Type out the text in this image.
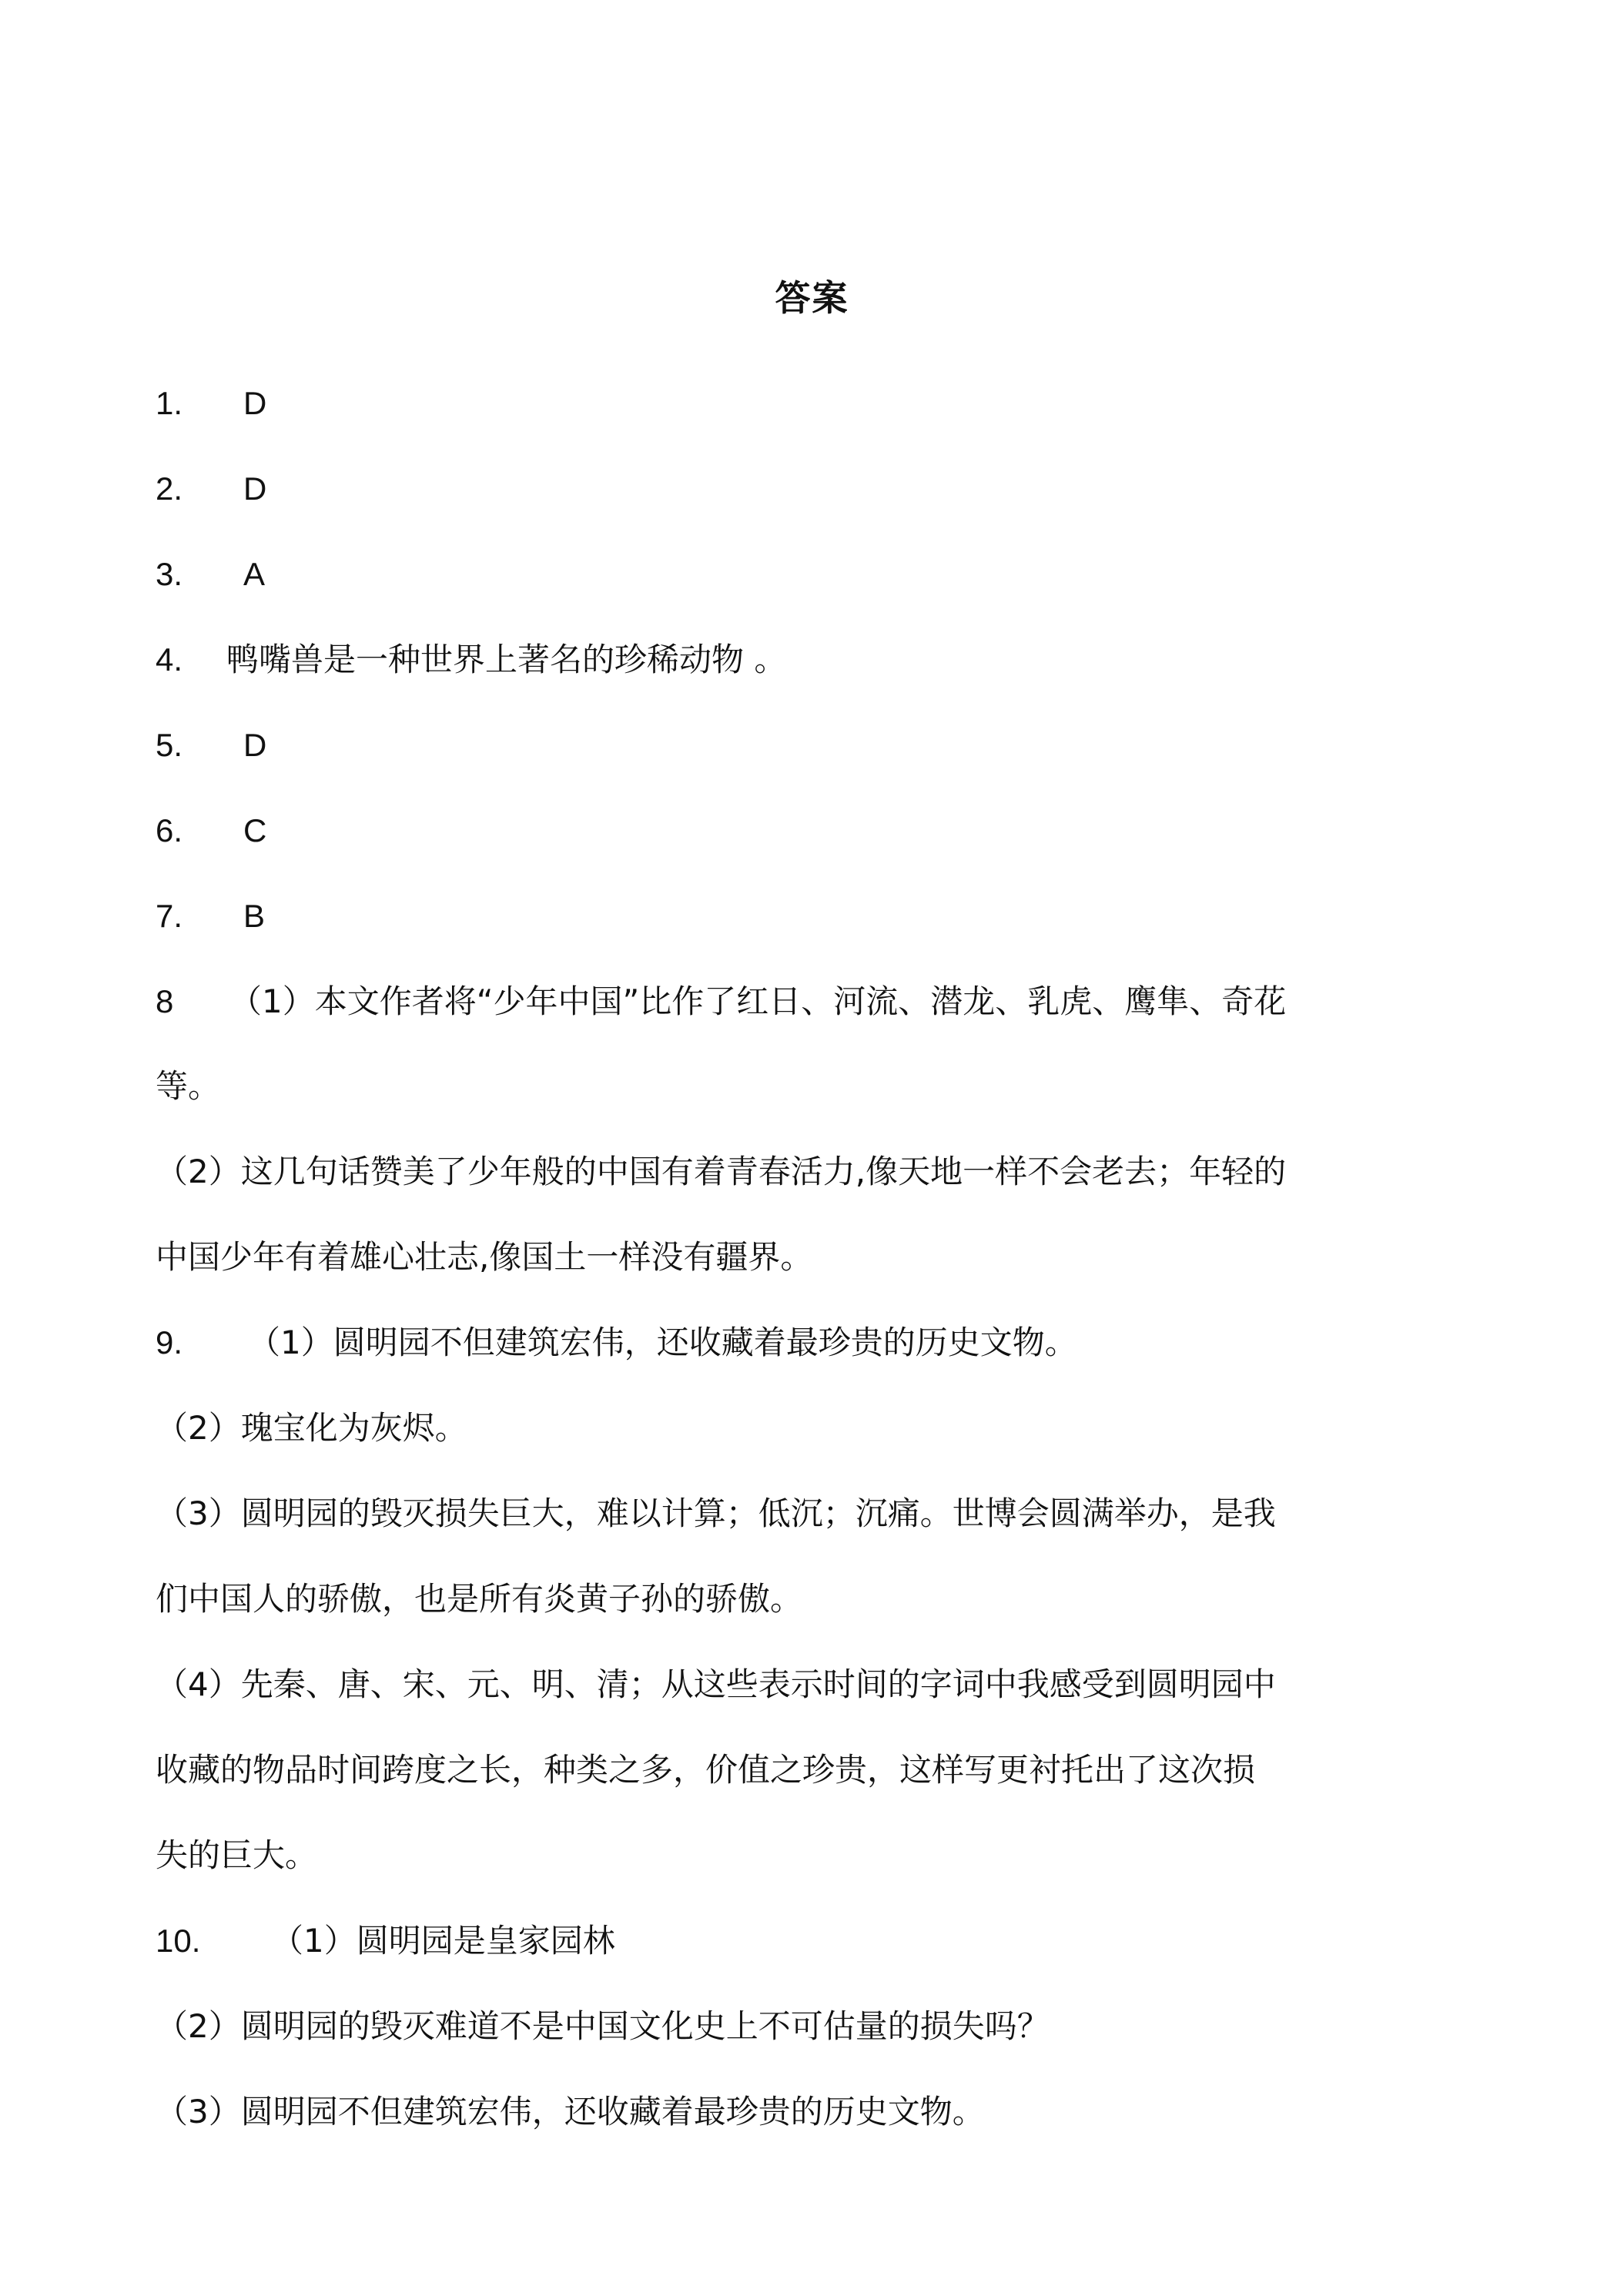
答案
1. D
2. D
3. A
4. 鸭嘴兽是一种世界上著名的珍稀动物 。
5. D
6. C
7. B
8 （1）本文作者将“少年中国”比作了红日、河流、潜龙、乳虎、鹰隼、奇花
等。
（2）这几句话赞美了少年般的中国有着青春活力,像天地一样不会老去；年轻的
中国少年有着雄心壮志,像国土一样没有疆界。
9. （1）圆明园不但建筑宏伟，还收藏着最珍贵的历史文物。
（2）瑰宝化为灰烬。
（3）圆明园的毁灭损失巨大，难以计算；低沉；沉痛。世博会圆满举办，是我
们中国人的骄傲，也是所有炎黄子孙的骄傲。
（4）先秦、唐、宋、元、明、清；从这些表示时间的字词中我感受到圆明园中
收藏的物品时间跨度之长，种类之多，价值之珍贵，这样写更衬托出了这次损
失的巨大。
10. （1）圆明园是皇家园林
（2）圆明园的毁灭难道不是中国文化史上不可估量的损失吗？
（3）圆明园不但建筑宏伟，还收藏着最珍贵的历史文物。
